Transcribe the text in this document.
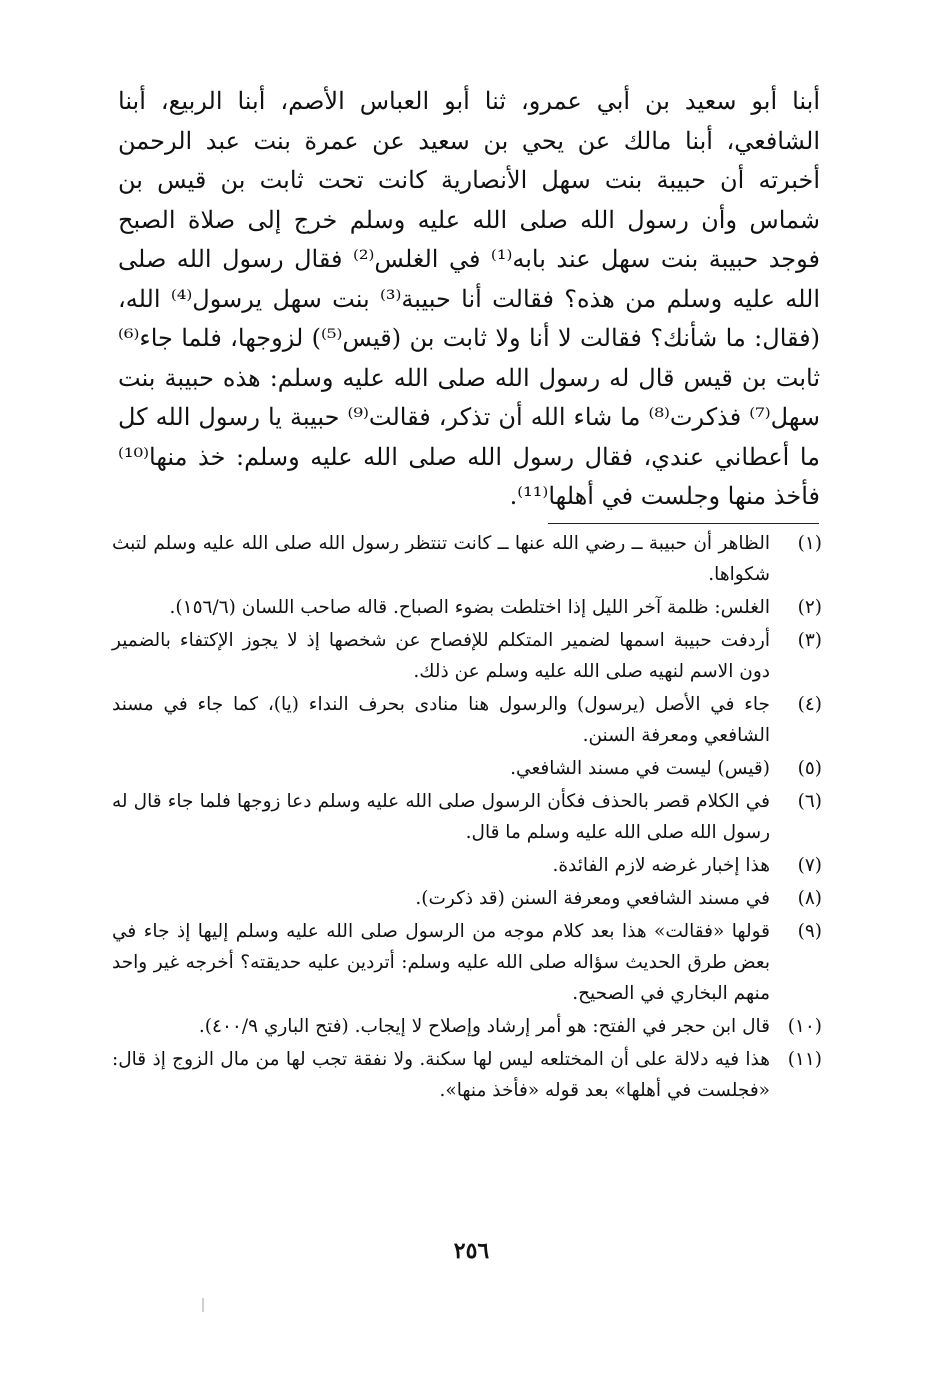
أبنا أبو سعيد بن أبي عمرو، ثنا أبو العباس الأصم، أبنا الربيع، أبنا الشافعي، أبنا مالك عن يحي بن سعيد عن عمرة بنت عبد الرحمن أخبرته أن حبيبة بنت سهل الأنصارية كانت تحت ثابت بن قيس بن شماس وأن رسول الله صلى الله عليه وسلم خرج إلى صلاة الصبح فوجد حبيبة بنت سهل عند بابه⁽¹⁾ في الغلس⁽²⁾ فقال رسول الله صلى الله عليه وسلم من هذه؟ فقالت أنا حبيبة⁽³⁾ بنت سهل يرسول⁽⁴⁾ الله، (فقال: ما شأنك؟ فقالت لا أنا ولا ثابت بن (قيس⁽⁵⁾) لزوجها، فلما جاء⁽⁶⁾ ثابت بن قيس قال له رسول الله صلى الله عليه وسلم: هذه حبيبة بنت سهل⁽⁷⁾ فذكرت⁽⁸⁾ ما شاء الله أن تذكر، فقالت⁽⁹⁾ حبيبة يا رسول الله كل ما أعطاني عندي، فقال رسول الله صلى الله عليه وسلم: خذ منها⁽¹⁰⁾ فأخذ منها وجلست في أهلها⁽¹¹⁾.

(١)
الظاهر أن حبيبة ــ رضي الله عنها ــ كانت تنتظر رسول الله صلى الله عليه وسلم لتبث شكواها.
(٢)
الغلس: ظلمة آخر الليل إذا اختلطت بضوء الصباح. قاله صاحب اللسان (١٥٦/٦).
(٣)
أردفت حبيبة اسمها لضمير المتكلم للإفصاح عن شخصها إذ لا يجوز الإكتفاء بالضمير دون الاسم لنهيه صلى الله عليه وسلم عن ذلك.
(٤)
جاء في الأصل (يرسول) والرسول هنا منادى بحرف النداء (يا)، كما جاء في مسند الشافعي ومعرفة السنن.
(٥)
(قيس) ليست في مسند الشافعي.
(٦)
في الكلام قصر بالحذف فكأن الرسول صلى الله عليه وسلم دعا زوجها فلما جاء قال له رسول الله صلى الله عليه وسلم ما قال.
(٧)
هذا إخبار غرضه لازم الفائدة.
(٨)
في مسند الشافعي ومعرفة السنن (قد ذكرت).
(٩)
قولها «فقالت» هذا بعد كلام موجه من الرسول صلى الله عليه وسلم إليها إذ جاء في بعض طرق الحديث سؤاله صلى الله عليه وسلم: أتردين عليه حديقته؟ أخرجه غير واحد منهم البخاري في الصحيح.
(١٠)
قال ابن حجر في الفتح: هو أمر إرشاد وإصلاح لا إيجاب. (فتح الباري ٤٠٠/٩).
(١١)
هذا فيه دلالة على أن المختلعه ليس لها سكنة. ولا نفقة تجب لها من مال الزوج إذ قال: «فجلست في أهلها» بعد قوله «فأخذ منها».
٢٥٦
